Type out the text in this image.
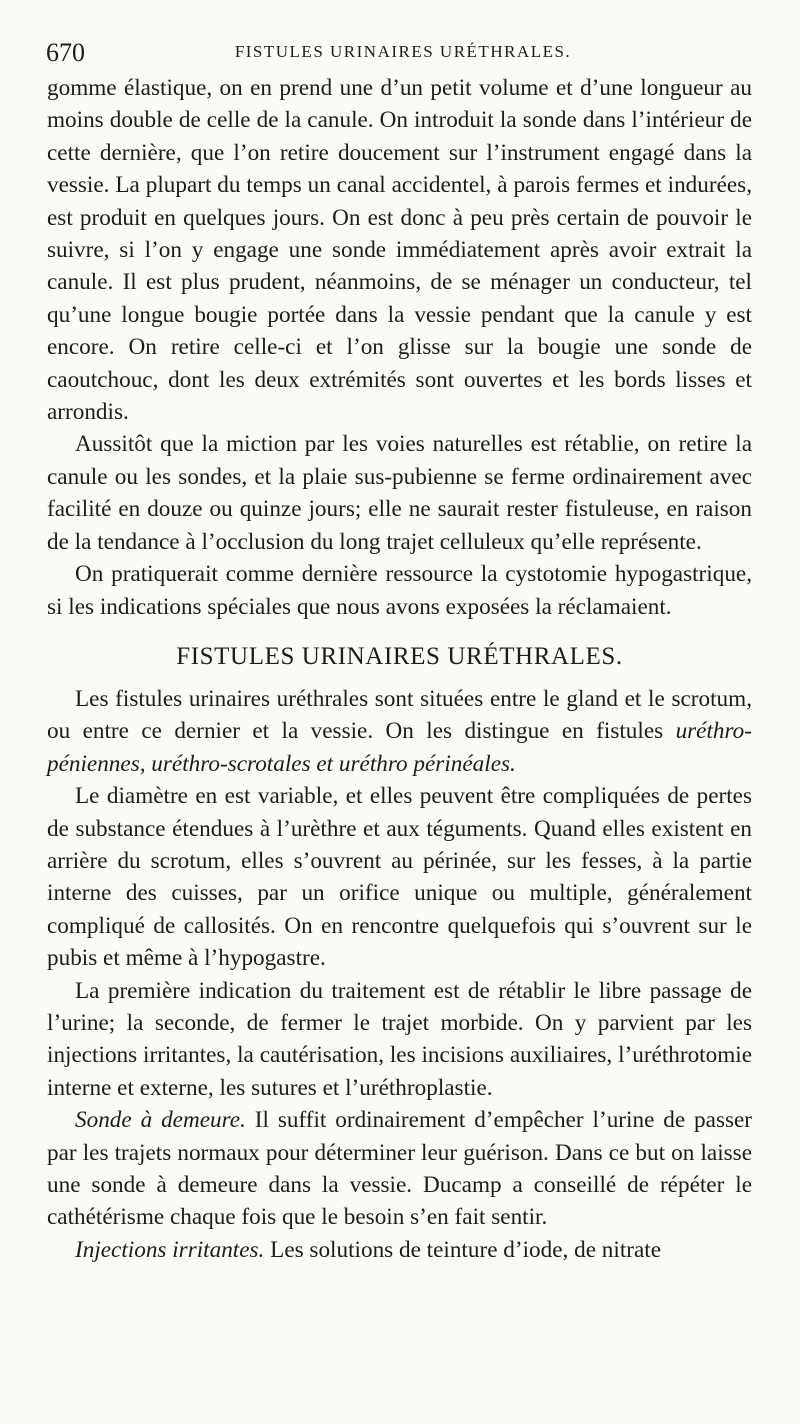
670	FISTULES URINAIRES URÉTHRALES.

gomme élastique, on en prend une d’un petit volume et d’une longueur au moins double de celle de la canule. On introduit la sonde dans l’intérieur de cette dernière, que l’on retire doucement sur l’instrument engagé dans la vessie. La plupart du temps un canal accidentel, à parois fermes et indurées, est produit en quelques jours. On est donc à peu près certain de pouvoir le suivre, si l’on y engage une sonde immédiatement après avoir extrait la canule. Il est plus prudent, néanmoins, de se ménager un conducteur, tel qu’une longue bougie portée dans la vessie pendant que la canule y est encore. On retire celle-ci et l’on glisse sur la bougie une sonde de caoutchouc, dont les deux extrémités sont ouvertes et les bords lisses et arrondis.

Aussitôt que la miction par les voies naturelles est rétablie, on retire la canule ou les sondes, et la plaie sus-pubienne se ferme ordinairement avec facilité en douze ou quinze jours; elle ne saurait rester fistuleuse, en raison de la tendance à l’occlusion du long trajet celluleux qu’elle représente.

On pratiquerait comme dernière ressource la cystotomie hypogastrique, si les indications spéciales que nous avons exposées la réclamaient.

FISTULES URINAIRES URÉTHRALES.

Les fistules urinaires uréthrales sont situées entre le gland et le scrotum, ou entre ce dernier et la vessie. On les distingue en fistules uréthro-péniennes, uréthro-scrotales et uréthro périnéales.

Le diamètre en est variable, et elles peuvent être compliquées de pertes de substance étendues à l’urèthre et aux téguments. Quand elles existent en arrière du scrotum, elles s’ouvrent au périnée, sur les fesses, à la partie interne des cuisses, par un orifice unique ou multiple, généralement compliqué de callosités. On en rencontre quelquefois qui s’ouvrent sur le pubis et même à l’hypogastre.

La première indication du traitement est de rétablir le libre passage de l’urine; la seconde, de fermer le trajet morbide. On y parvient par les injections irritantes, la cautérisation, les incisions auxiliaires, l’uréthrotomie interne et externe, les sutures et l’uréthroplastie.

Sonde à demeure. Il suffit ordinairement d’empêcher l’urine de passer par les trajets normaux pour déterminer leur guérison. Dans ce but on laisse une sonde à demeure dans la vessie. Ducamp a conseillé de répéter le cathétérisme chaque fois que le besoin s’en fait sentir.

Injections irritantes. Les solutions de teinture d’iode, de nitrate
